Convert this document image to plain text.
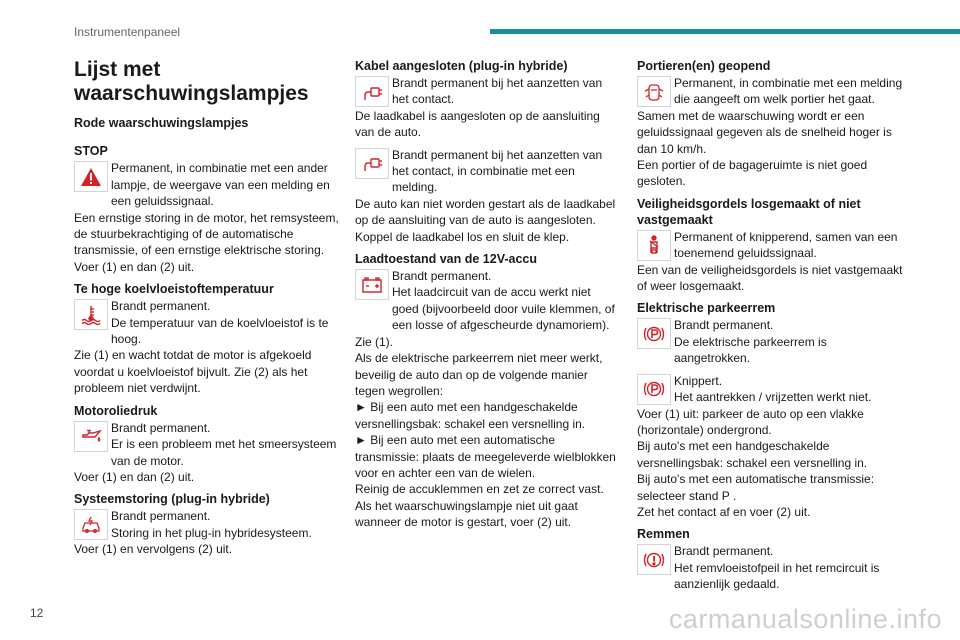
Instrumentenpaneel
Lijst met waarschuwingslampjes
Rode waarschuwingslampjes
STOP
Permanent, in combinatie met een ander lampje, de weergave van een melding en een geluidssignaal.

Een ernstige storing in de motor, het remsysteem, de stuurbekrachtiging of de automatische transmissie, of een ernstige elektrische storing.

Voer (1) en dan (2) uit.

Te hoge koelvloeistoftemperatuur
Brandt permanent.
De temperatuur van de koelvloeistof is te hoog.

Zie (1) en wacht totdat de motor is afgekoeld voordat u koelvloeistof bijvult. Zie (2) als het probleem niet verdwijnt.

Motoroliedruk
Brandt permanent.
Er is een probleem met het smeersysteem van de motor.

Voer (1) en dan (2) uit.

Systeemstoring (plug-in hybride)
Brandt permanent.
Storing in het plug-in hybridesysteem.

Voer (1) en vervolgens (2) uit.

Kabel aangesloten (plug-in hybride)
Brandt permanent bij het aanzetten van het contact.

De laadkabel is aangesloten op de aansluiting van de auto.

Brandt permanent bij het aanzetten van het contact, in combinatie met een melding.

De auto kan niet worden gestart als de laadkabel op de aansluiting van de auto is aangesloten.

Koppel de laadkabel los en sluit de klep.

Laadtoestand van de 12V-accu
Brandt permanent.
Het laadcircuit van de accu werkt niet goed (bijvoorbeeld door vuile klemmen, of een losse of afgescheurde dynamoriem).

Zie (1).

Als de elektrische parkeerrem niet meer werkt, beveilig de auto dan op de volgende manier tegen wegrollen:

► Bij een auto met een handgeschakelde versnellingsbak: schakel een versnelling in.

► Bij een auto met een automatische transmissie: plaats de meegeleverde wielblokken voor en achter een van de wielen.

Reinig de accuklemmen en zet ze correct vast. Als het waarschuwingslampje niet uit gaat wanneer de motor is gestart, voer (2) uit.

Portieren(en) geopend
Permanent, in combinatie met een melding die aangeeft om welk portier het gaat.

Samen met de waarschuwing wordt er een geluidssignaal gegeven als de snelheid hoger is dan 10 km/h.

Een portier of de bagageruimte is niet goed gesloten.

Veiligheidsgordels losgemaakt of niet vastgemaakt
Permanent of knipperend, samen van een toenemend geluidssignaal.

Een van de veiligheidsgordels is niet vastgemaakt of weer losgemaakt.

Elektrische parkeerrem
Brandt permanent.
De elektrische parkeerrem is aangetrokken.
Knippert.
Het aantrekken / vrijzetten werkt niet.

Voer (1) uit: parkeer de auto op een vlakke (horizontale) ondergrond.

Bij auto's met een handgeschakelde versnellingsbak: schakel een versnelling in.

Bij auto's met een automatische transmissie: selecteer stand P .

Zet het contact af en voer (2) uit.

Remmen
Brandt permanent.
Het remvloeistofpeil in het remcircuit is aanzienlijk gedaald.
12	carmanualsonline.info
